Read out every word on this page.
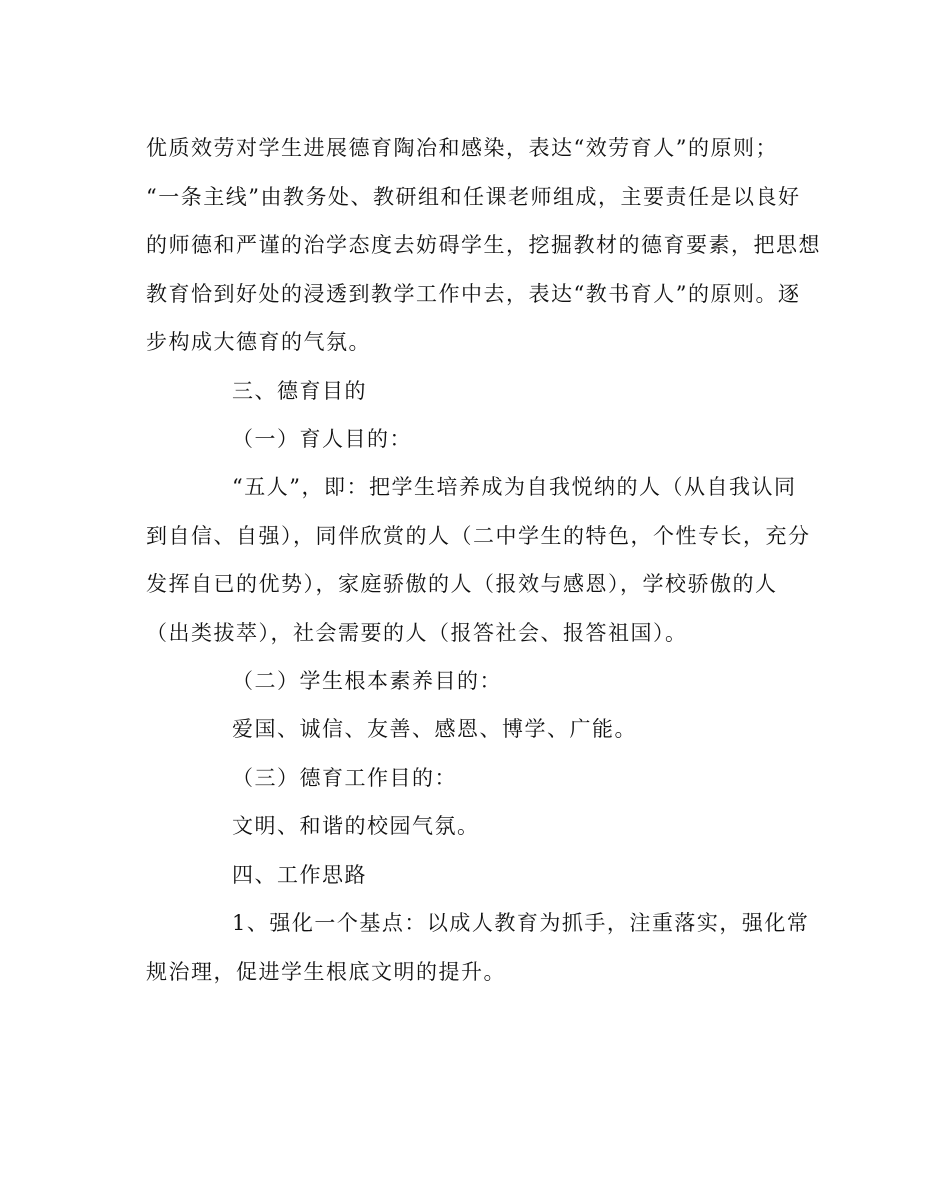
优质效劳对学生进展德育陶冶和感染，表达“效劳育人”的原则；
“一条主线”由教务处、教研组和任课老师组成，主要责任是以良好
的师德和严谨的治学态度去妨碍学生，挖掘教材的德育要素，把思想
教育恰到好处的浸透到教学工作中去，表达“教书育人”的原则。逐
步构成大德育的气氛。
三、德育目的
（一）育人目的：
“五人”，即：把学生培养成为自我悦纳的人（从自我认同
到自信、自强），同伴欣赏的人（二中学生的特色，个性专长，充分
发挥自已的优势），家庭骄傲的人（报效与感恩），学校骄傲的人
（出类拔萃），社会需要的人（报答社会、报答祖国）。
（二）学生根本素养目的：
爱国、诚信、友善、感恩、博学、广能。
（三）德育工作目的：
文明、和谐的校园气氛。
四、工作思路
1、强化一个基点：以成人教育为抓手，注重落实，强化常
规治理，促进学生根底文明的提升。
